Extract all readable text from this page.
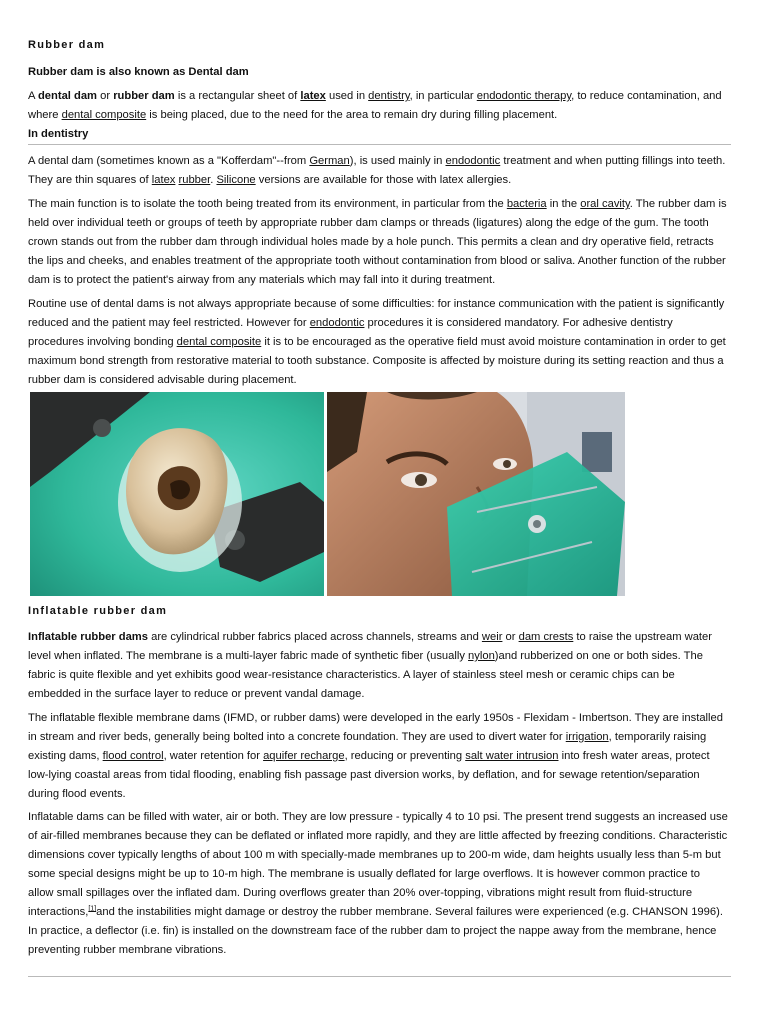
Rubber dam
Rubber dam is also known as Dental dam

A dental dam or rubber dam is a rectangular sheet of latex used in dentistry, in particular endodontic therapy, to reduce contamination, and where dental composite is being placed, due to the need for the area to remain dry during filling placement.

In dentistry

A dental dam (sometimes known as a "Kofferdam"--from German), is used mainly in endodontic treatment and when putting fillings into teeth. They are thin squares of latex rubber. Silicone versions are available for those with latex allergies.

The main function is to isolate the tooth being treated from its environment, in particular from the bacteria in the oral cavity. The rubber dam is held over individual teeth or groups of teeth by appropriate rubber dam clamps or threads (ligatures) along the edge of the gum. The tooth crown stands out from the rubber dam through individual holes made by a hole punch. This permits a clean and dry operative field, retracts the lips and cheeks, and enables treatment of the appropriate tooth without contamination from blood or saliva. Another function of the rubber dam is to protect the patient's airway from any materials which may fall into it during treatment.

Routine use of dental dams is not always appropriate because of some difficulties: for instance communication with the patient is significantly reduced and the patient may feel restricted. However for endodontic procedures it is considered mandatory. For adhesive dentistry procedures involving bonding dental composite it is to be encouraged as the operative field must avoid moisture contamination in order to get maximum bond strength from restorative material to tooth substance. Composite is affected by moisture during its setting reaction and thus a rubber dam is considered advisable during placement.

Inflatable rubber dam

Inflatable rubber dams are cylindrical rubber fabrics placed across channels, streams and weir or dam crests to raise the upstream water level when inflated. The membrane is a multi-layer fabric made of synthetic fiber (usually nylon)and rubberized on one or both sides. The fabric is quite flexible and yet exhibits good wear-resistance characteristics. A layer of stainless steel mesh or ceramic chips can be embedded in the surface layer to reduce or prevent vandal damage.

The inflatable flexible membrane dams (IFMD, or rubber dams) were developed in the early 1950s - Flexidam - Imbertson. They are installed in stream and river beds, generally being bolted into a concrete foundation. They are used to divert water for irrigation, temporarily raising existing dams, flood control, water retention for aquifer recharge, reducing or preventing salt water intrusion into fresh water areas, protect low-lying coastal areas from tidal flooding, enabling fish passage past diversion works, by deflation, and for sewage retention/separation during flood events.

Inflatable dams can be filled with water, air or both. They are low pressure - typically 4 to 10 psi. The present trend suggests an increased use of air-filled membranes because they can be deflated or inflated more rapidly, and they are little affected by freezing conditions. Characteristic dimensions cover typically lengths of about 100 m with specially-made membranes up to 200-m wide, dam heights usually less than 5-m but some special designs might be up to 10-m high. The membrane is usually deflated for large overflows. It is however common practice to allow small spillages over the inflated dam. During overflows greater than 20% over-topping, vibrations might result from fluid-structure interactions,[1]and the instabilities might damage or destroy the rubber membrane. Several failures were experienced (e.g. CHANSON 1996). In practice, a deflector (i.e. fin) is installed on the downstream face of the rubber dam to project the nappe away from the membrane, hence preventing rubber membrane vibrations.
